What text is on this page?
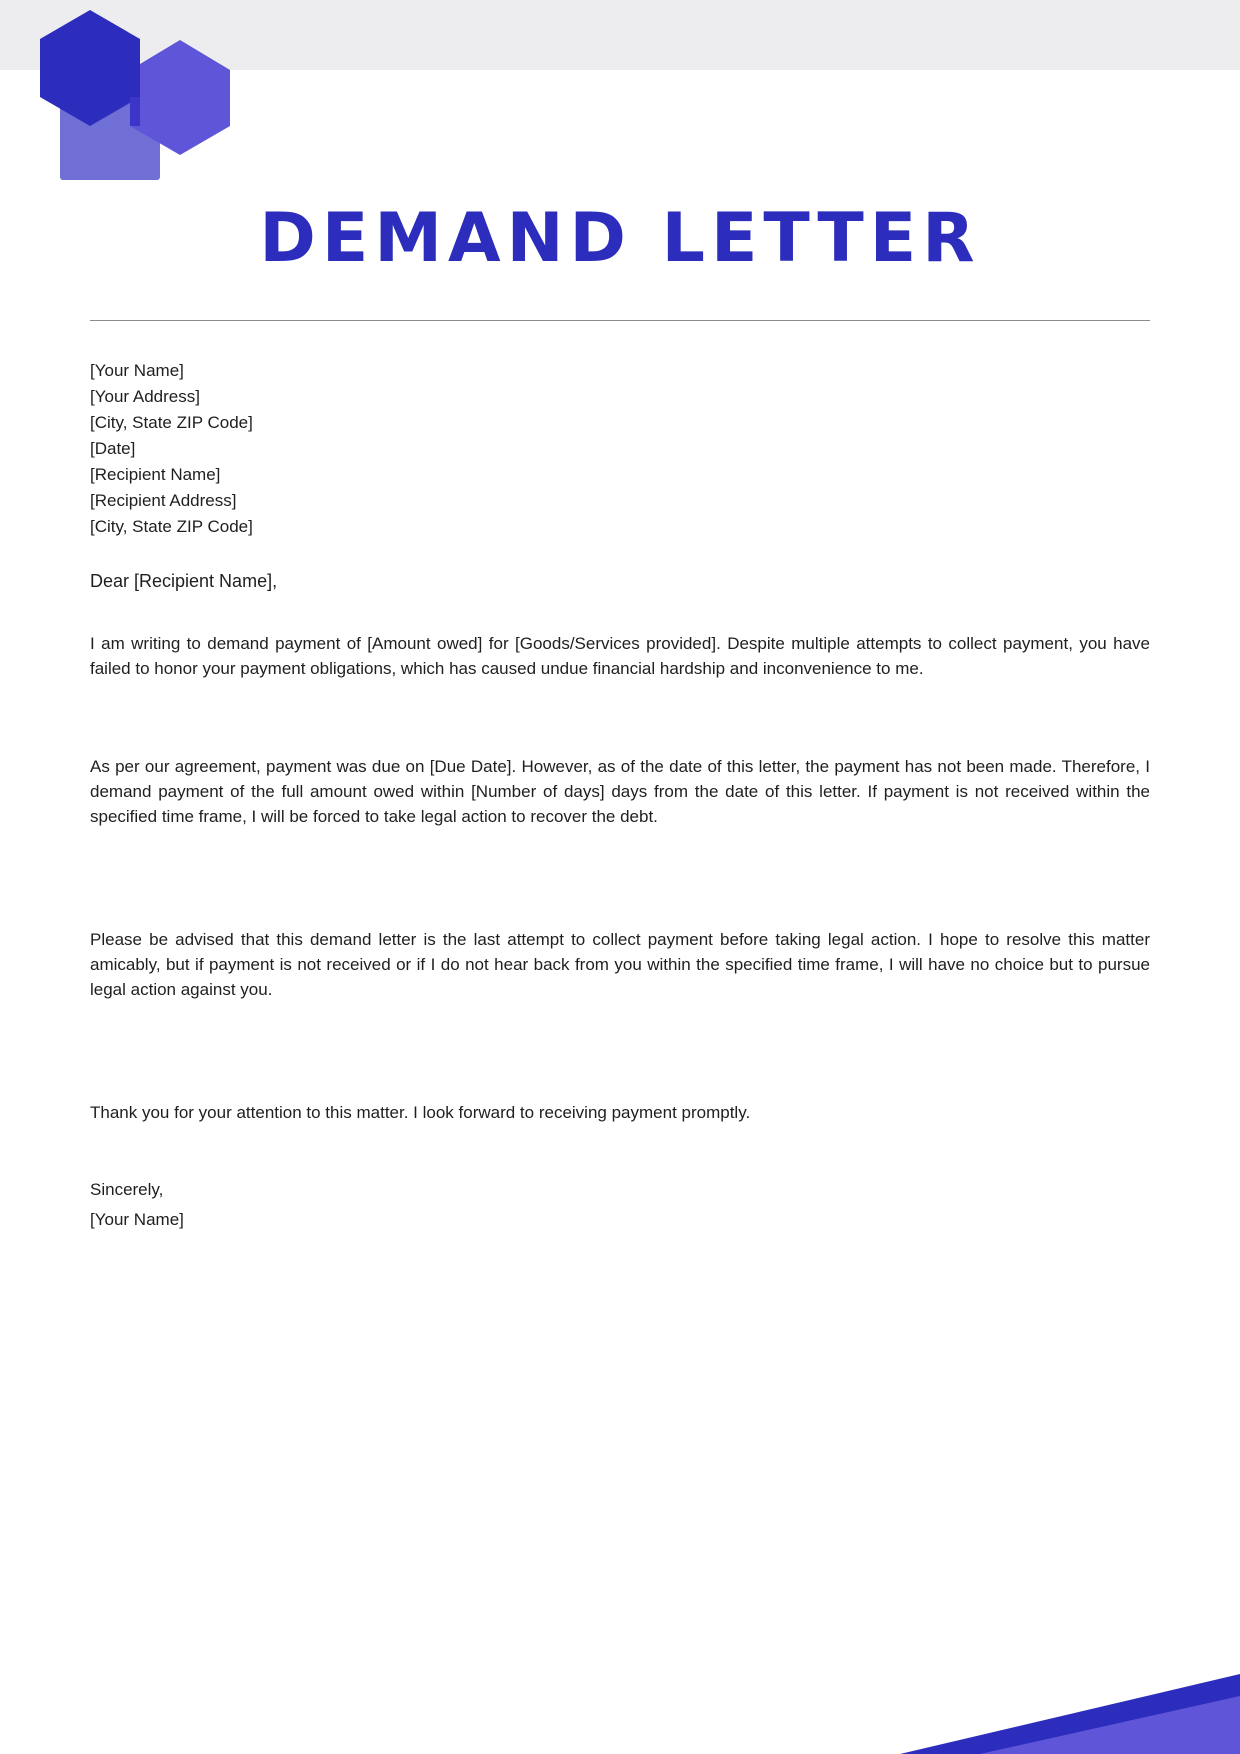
DEMAND LETTER
[Your Name]
[Your Address]
[City, State ZIP Code]
[Date]
[Recipient Name]
[Recipient Address]
[City, State ZIP Code]
Dear [Recipient Name],

I am writing to demand payment of [Amount owed] for [Goods/Services provided]. Despite multiple attempts to collect payment, you have failed to honor your payment obligations, which has caused undue financial hardship and inconvenience to me.

As per our agreement, payment was due on [Due Date]. However, as of the date of this letter, the payment has not been made. Therefore, I demand payment of the full amount owed within [Number of days] days from the date of this letter. If payment is not received within the specified time frame, I will be forced to take legal action to recover the debt.

Please be advised that this demand letter is the last attempt to collect payment before taking legal action. I hope to resolve this matter amicably, but if payment is not received or if I do not hear back from you within the specified time frame, I will have no choice but to pursue legal action against you.

Thank you for your attention to this matter. I look forward to receiving payment promptly.

Sincerely,
[Your Name]
